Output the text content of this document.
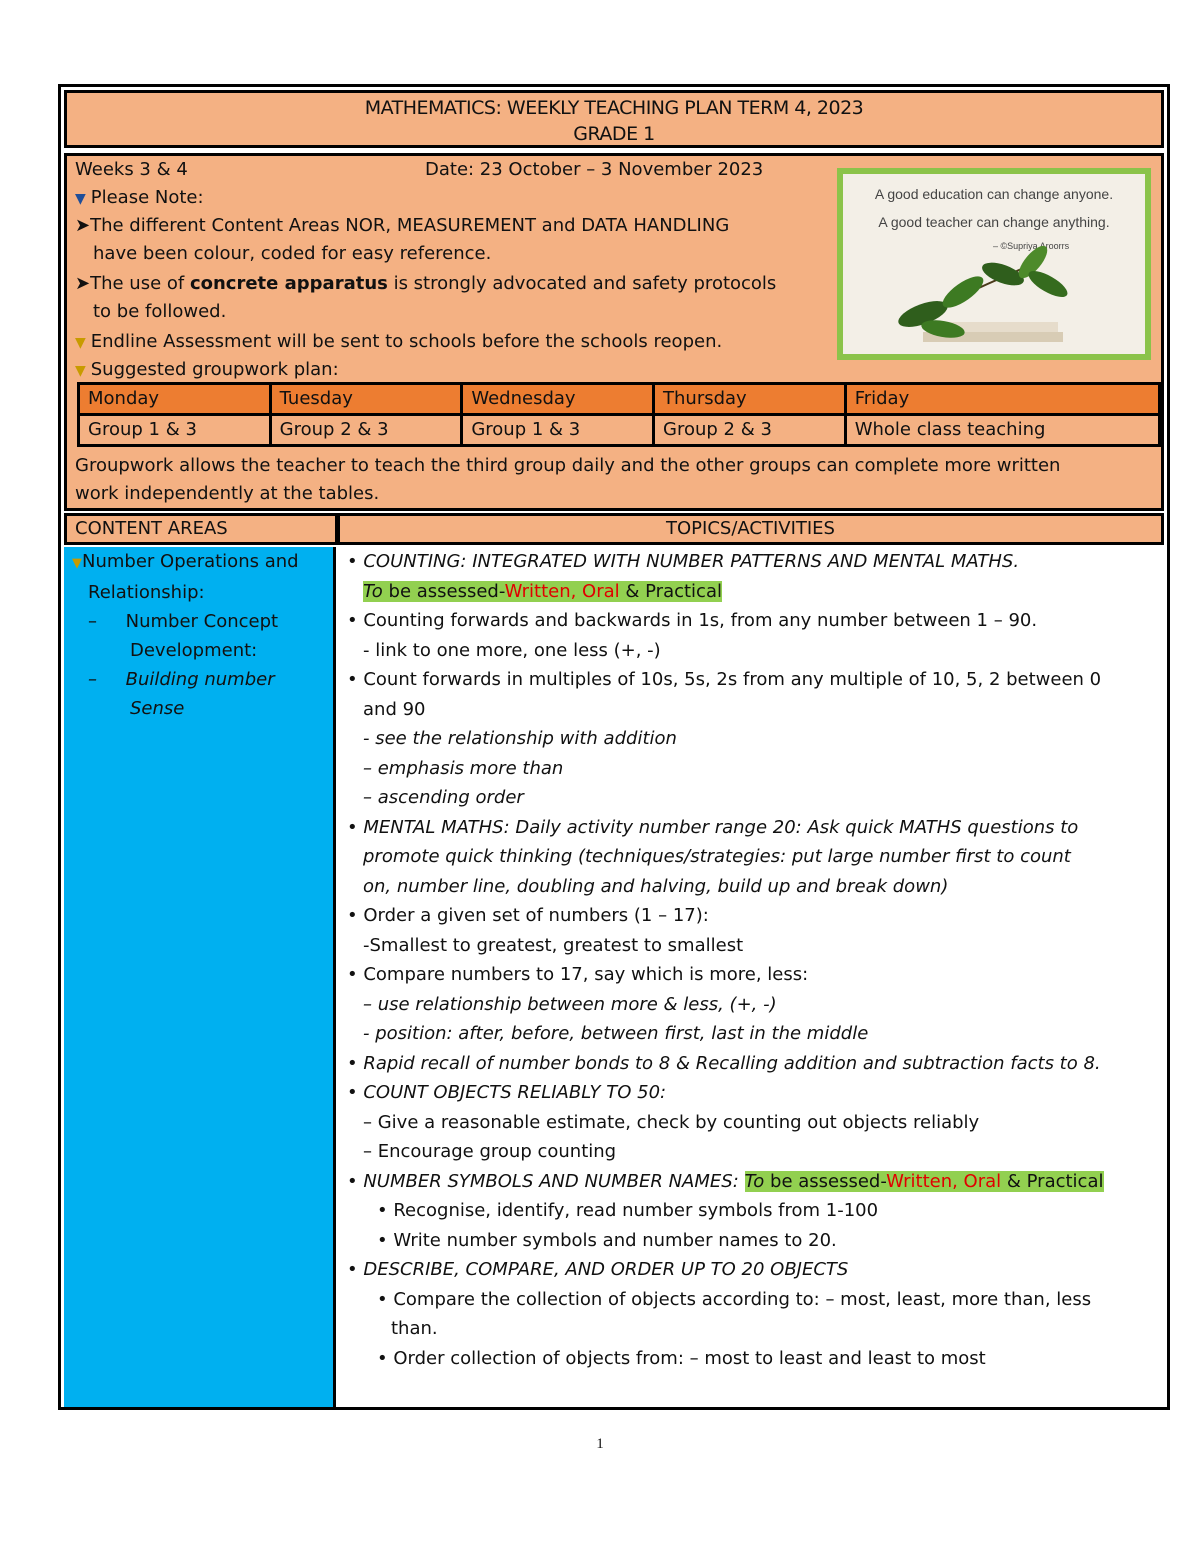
MATHEMATICS: WEEKLY TEACHING PLAN TERM 4, 2023
GRADE 1
Weeks 3 & 4	Date: 23 October – 3 November 2023
▼ Please Note:
➤The different Content Areas NOR, MEASUREMENT and DATA HANDLING
have been colour, coded for easy reference.
➤The use of concrete apparatus is strongly advocated and safety protocols
to be followed.
▼ Endline Assessment will be sent to schools before the schools reopen.
▼ Suggested groupwork plan:
A good education can change anyone.
A good teacher can change anything.
– ©Supriya Aroorrs
Monday	Tuesday	Wednesday	Thursday	Friday
Group 1 & 3	Group 2 & 3	Group 1 & 3	Group 2 & 3	Whole class teaching
Groupwork allows the teacher to teach the third group daily and the other groups can complete more written
work independently at the tables.
CONTENT AREAS	TOPICS/ACTIVITIES
▼Number Operations and
Relationship:
–     Number Concept
Development:
–     Building number
Sense
• COUNTING: INTEGRATED WITH NUMBER PATTERNS AND MENTAL MATHS.
To be assessed-Written, Oral & Practical
• Counting forwards and backwards in 1s, from any number between 1 – 90.
- link to one more, one less (+, -)
• Count forwards in multiples of 10s, 5s, 2s from any multiple of 10, 5, 2 between 0
and 90
- see the relationship with addition
– emphasis more than
– ascending order
• MENTAL MATHS: Daily activity number range 20: Ask quick MATHS questions to
promote quick thinking (techniques/strategies: put large number first to count
on, number line, doubling and halving, build up and break down)
• Order a given set of numbers (1 – 17):
-Smallest to greatest, greatest to smallest
• Compare numbers to 17, say which is more, less:
– use relationship between more & less, (+, -)
- position: after, before, between first, last in the middle
• Rapid recall of number bonds to 8 & Recalling addition and subtraction facts to 8.
• COUNT OBJECTS RELIABLY TO 50:
– Give a reasonable estimate, check by counting out objects reliably
– Encourage group counting
• NUMBER SYMBOLS AND NUMBER NAMES: To be assessed-Written, Oral & Practical
• Recognise, identify, read number symbols from 1-100
• Write number symbols and number names to 20.
• DESCRIBE, COMPARE, AND ORDER UP TO 20 OBJECTS
• Compare the collection of objects according to: – most, least, more than, less
than.
• Order collection of objects from: – most to least and least to most
1
